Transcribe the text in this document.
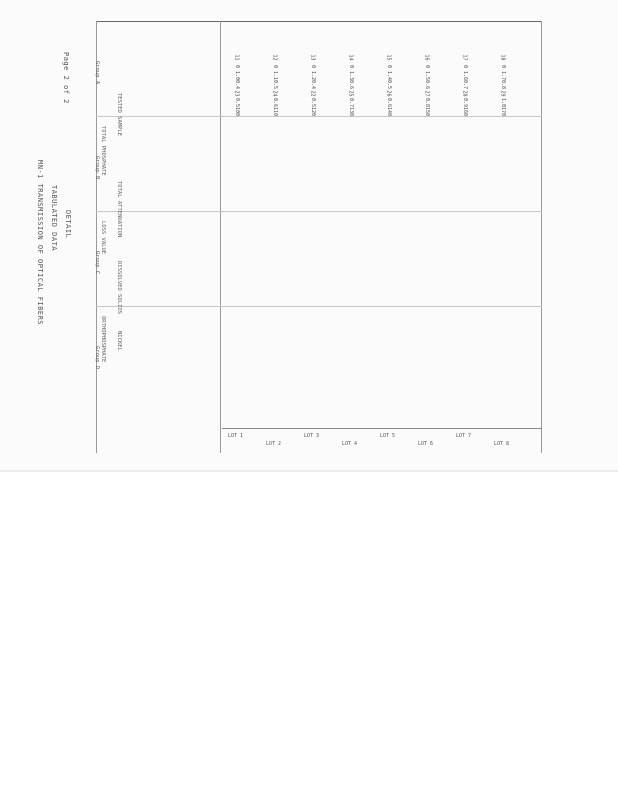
MN-1 TRANSMISSION OF OPTICAL FIBERS TABULATED DATA DETAIL
Page 2 of 2	Group A
Group B
Group C
Group D
TESTED SAMPLE
TOTAL ATTENUATION
DISSOLVED SOLIDS
NICKEL
TOTAL PHOSPHATE
LOSS VALUE
ORTHOPHOSPHATE
11
0
1.0
0.4
23
0.5
100
12
0
1.1
0.5
24
0.6
110
13
0
1.2
0.4
22
0.5
120
14
0
1.3
0.6
25
0.7
130
15
0
1.4
0.5
26
0.6
140
16
0
1.5
0.6
27
0.8
150
17
0
1.6
0.7
28
0.9
160
18
0
1.7
0.8
29
1.0
170
LOT 1
LOT 2
LOT 3
LOT 4
LOT 5
LOT 6
LOT 7
LOT 8
